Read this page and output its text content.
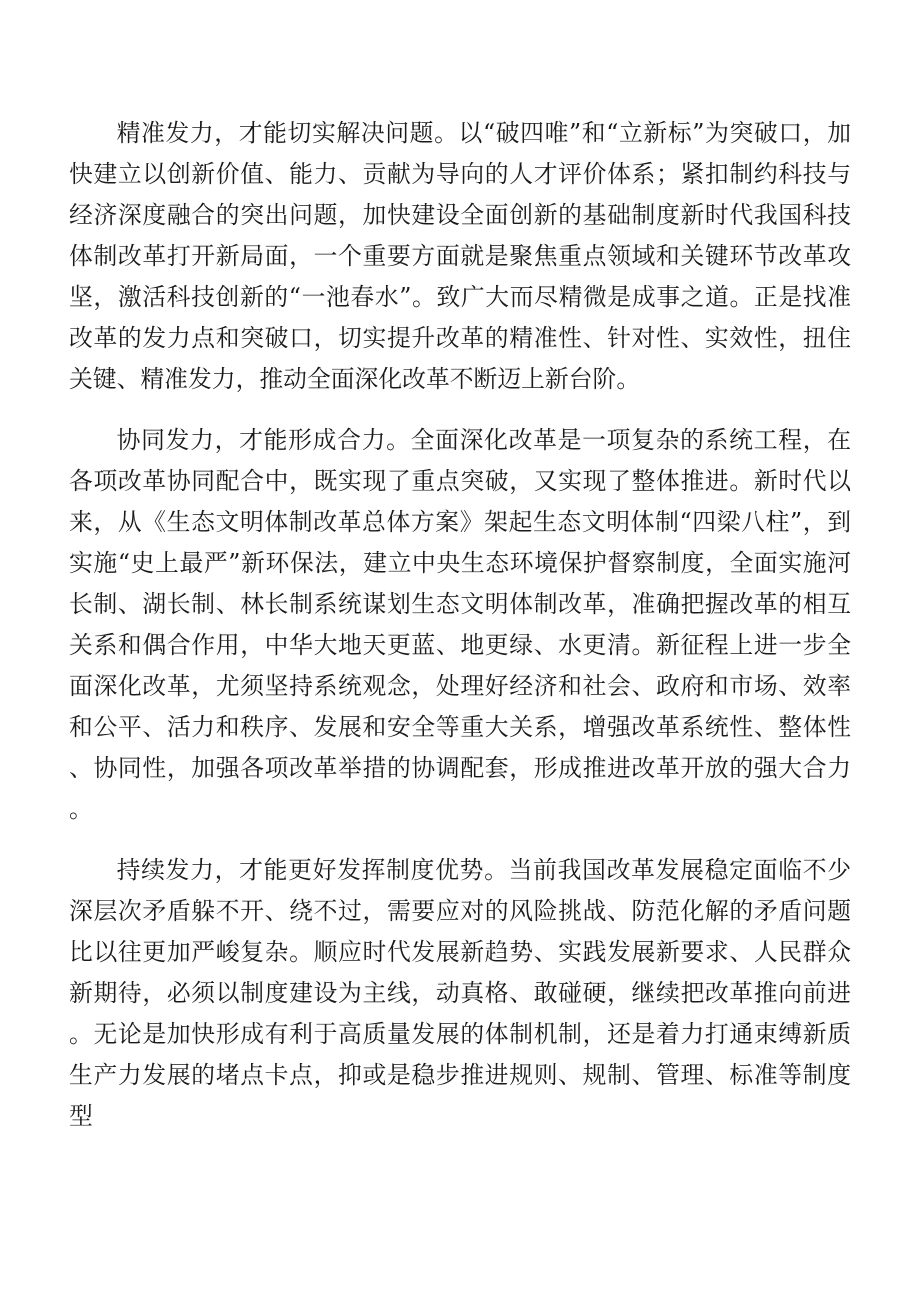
精准发力，才能切实解决问题。以“破四唯”和“立新标”为突破口，加快建立以创新价值、能力、贡献为导向的人才评价体系；紧扣制约科技与经济深度融合的突出问题，加快建设全面创新的基础制度新时代我国科技体制改革打开新局面，一个重要方面就是聚焦重点领域和关键环节改革攻坚，激活科技创新的“一池春水”。致广大而尽精微是成事之道。正是找准改革的发力点和突破口，切实提升改革的精准性、针对性、实效性，扭住关键、精准发力，推动全面深化改革不断迈上新台阶。

协同发力，才能形成合力。全面深化改革是一项复杂的系统工程，在各项改革协同配合中，既实现了重点突破，又实现了整体推进。新时代以来，从《生态文明体制改革总体方案》架起生态文明体制“四梁八柱”，到实施“史上最严”新环保法，建立中央生态环境保护督察制度，全面实施河长制、湖长制、林长制系统谋划生态文明体制改革，准确把握改革的相互关系和偶合作用，中华大地天更蓝、地更绿、水更清。新征程上进一步全面深化改革，尤须坚持系统观念，处理好经济和社会、政府和市场、效率和公平、活力和秩序、发展和安全等重大关系，增强改革系统性、整体性、协同性，加强各项改革举措的协调配套，形成推进改革开放的强大合力。

持续发力，才能更好发挥制度优势。当前我国改革发展稳定面临不少深层次矛盾躲不开、绕不过，需要应对的风险挑战、防范化解的矛盾问题比以往更加严峻复杂。顺应时代发展新趋势、实践发展新要求、人民群众新期待，必须以制度建设为主线，动真格、敢碰硬，继续把改革推向前进。无论是加快形成有利于高质量发展的体制机制，还是着力打通束缚新质生产力发展的堵点卡点，抑或是稳步推进规则、规制、管理、标准等制度型
